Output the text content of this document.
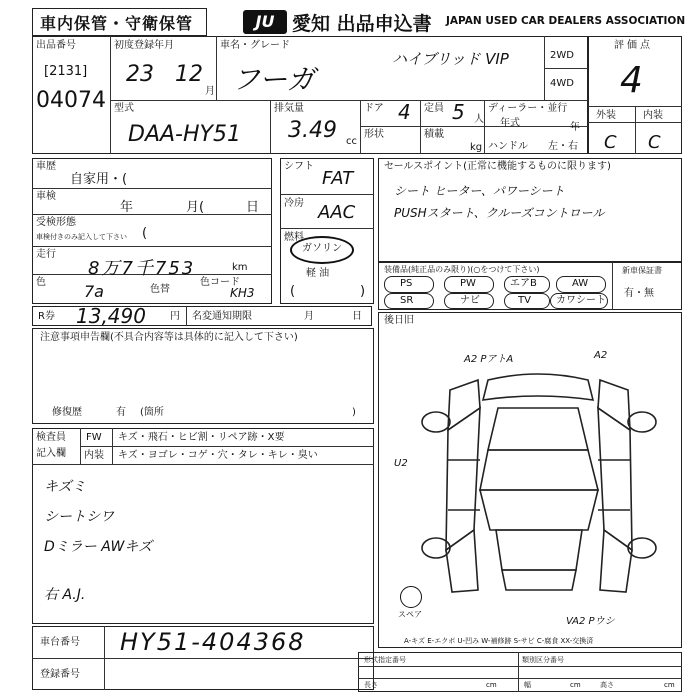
車内保管・守衛保管	JU 愛知 出品申込書 JAPAN USED CAR DEALERS ASSOCIATION
出品番号
[2131]
04074
初度登録年月
23 12
月
車名・グレード
フーガ
ハイブリッド VIP	2WD
4WD
評価点
4
型式
DAA-HY51
排気量
3.49 cc
ドア 4 定員 5 人
形状	積載
kg
ディーラー・並行
年式	年
ハンドル 左・右
外装	内装
C C
車歴
自家用・(
車検
年	月(	日
受検形態
車検付きのみ記入して下さい (
走行
8万7千753	km
色 7a	色替
色コード
KH3
R券 13,490 円 名変通知期限	月	日
シフト
FAT
冷房 AAC
燃料
ガソリン
軽 油
(	)
セールスポイント(正常に機能するものに限ります)
シート ヒーター、パワーシート
PUSHスタート、クルーズコントロール
装備品(純正品のみ限り)(○をつけて下さい)
PS	PW	エアB	AW
SR	ナビ	TV	カワシート
新車保証書
有・無
注意事項申告欄(不具合内容等は具体的に記入して下さい)
修復歴	有 (箇所	)
検査員
記入欄
FW キズ・飛石・ヒビ割・リペア跡・X要
内装 キズ・ヨゴレ・コゲ・穴・タレ・キレ・臭い
キズミ
シートシワ
Dミラー AWキズ
右 A.J.
後日旧
A2 PアトA	A2
U2
VA2 Pウシ
スペア
A-キズ E-エクボ U-凹み W-補修跡 S-サビ C-腐食 XX-交換済
車台番号 HY51-404368
登録番号
形式指定番号	類別区分番号
長さ	cm	幅	cm	高さ	cm
